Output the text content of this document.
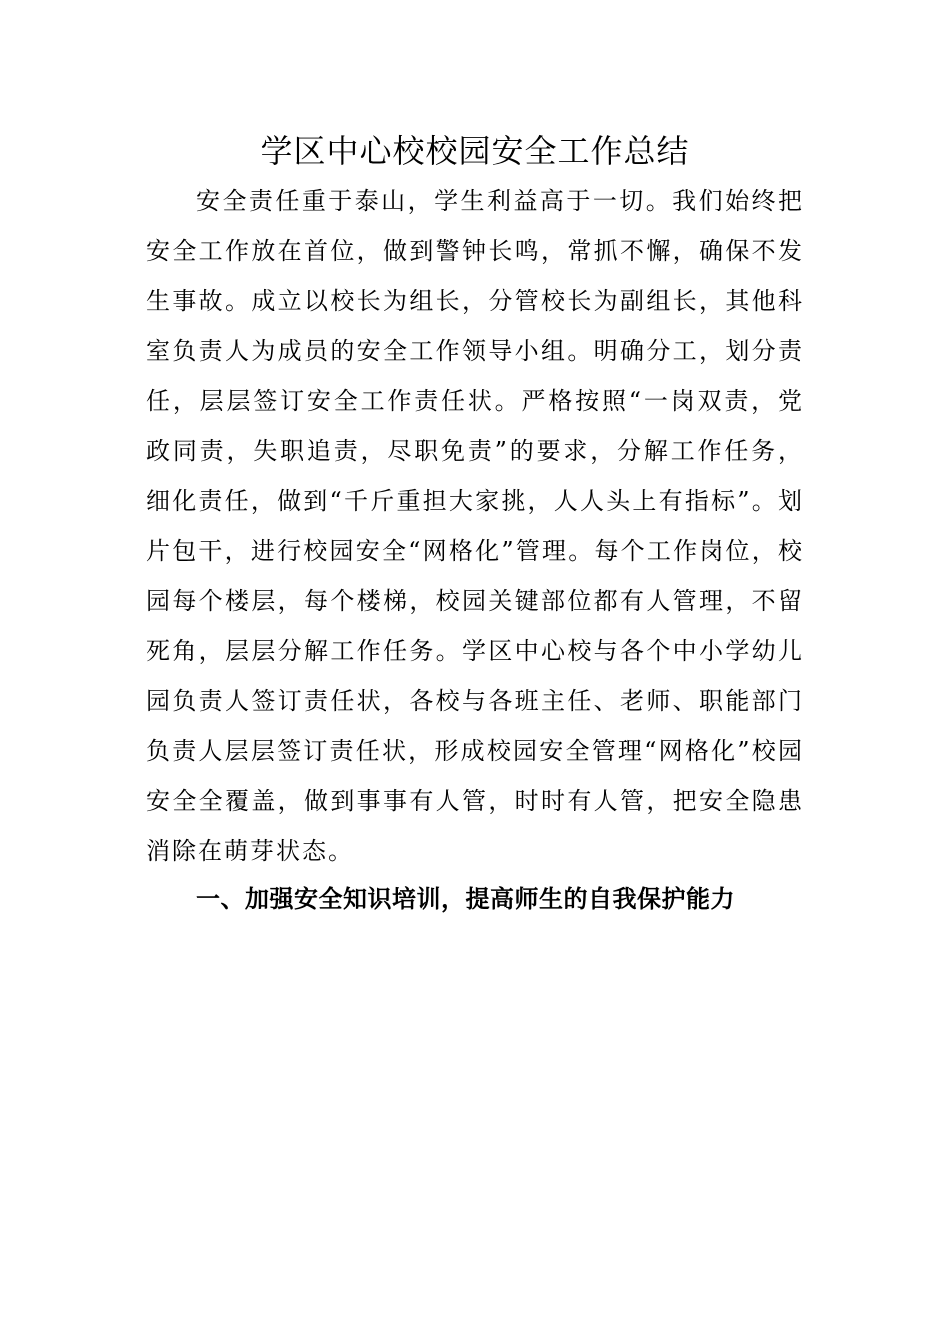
学区中心校校园安全工作总结

安全责任重于泰山，学生利益高于一切。我们始终把安全工作放在首位，做到警钟长鸣，常抓不懈，确保不发生事故。成立以校长为组长，分管校长为副组长，其他科室负责人为成员的安全工作领导小组。明确分工，划分责任，层层签订安全工作责任状。严格按照“一岗双责，党政同责，失职追责，尽职免责”的要求，分解工作任务，细化责任，做到“千斤重担大家挑，人人头上有指标”。划片包干，进行校园安全“网格化”管理。每个工作岗位，校园每个楼层，每个楼梯，校园关键部位都有人管理，不留死角，层层分解工作任务。学区中心校与各个中小学幼儿园负责人签订责任状，各校与各班主任、老师、职能部门负责人层层签订责任状，形成校园安全管理“网格化”校园安全全覆盖，做到事事有人管，时时有人管，把安全隐患消除在萌芽状态。

一、加强安全知识培训，提高师生的自我保护能力
